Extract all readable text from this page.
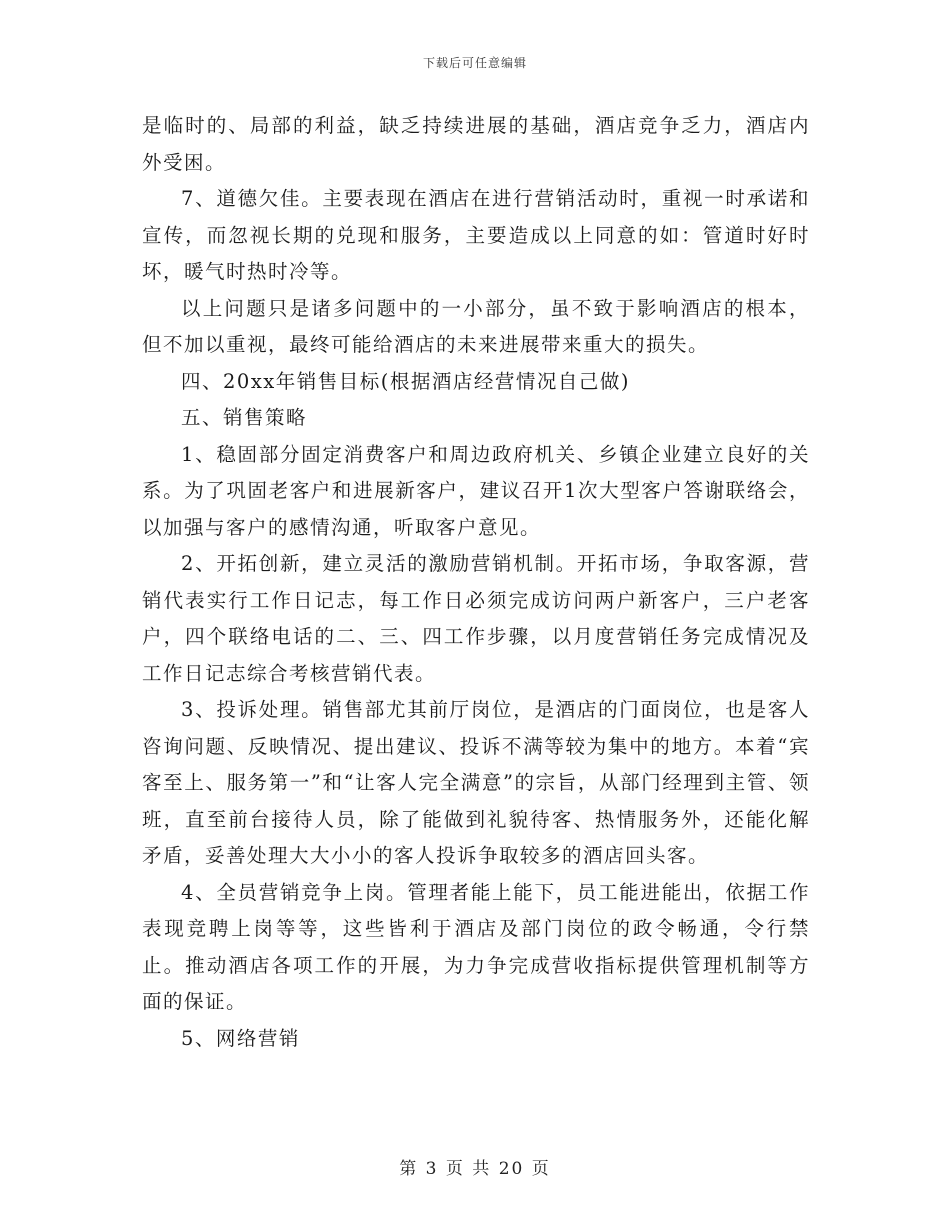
下载后可任意编辑

是临时的、局部的利益，缺乏持续进展的基础，酒店竞争乏力，酒店内外受困。

7、道德欠佳。主要表现在酒店在进行营销活动时，重视一时承诺和宣传，而忽视长期的兑现和服务，主要造成以上同意的如：管道时好时坏，暖气时热时冷等。

以上问题只是诸多问题中的一小部分，虽不致于影响酒店的根本，但不加以重视，最终可能给酒店的未来进展带来重大的损失。

四、20xx年销售目标(根据酒店经营情况自己做)

五、销售策略

1、稳固部分固定消费客户和周边政府机关、乡镇企业建立良好的关系。为了巩固老客户和进展新客户，建议召开1次大型客户答谢联络会，以加强与客户的感情沟通，听取客户意见。

2、开拓创新，建立灵活的激励营销机制。开拓市场，争取客源，营销代表实行工作日记志，每工作日必须完成访问两户新客户，三户老客户，四个联络电话的二、三、四工作步骤，以月度营销任务完成情况及工作日记志综合考核营销代表。

3、投诉处理。销售部尤其前厅岗位，是酒店的门面岗位，也是客人咨询问题、反映情况、提出建议、投诉不满等较为集中的地方。本着“宾客至上、服务第一”和“让客人完全满意”的宗旨，从部门经理到主管、领班，直至前台接待人员，除了能做到礼貌待客、热情服务外，还能化解矛盾，妥善处理大大小小的客人投诉争取较多的酒店回头客。

4、全员营销竞争上岗。管理者能上能下，员工能进能出，依据工作表现竞聘上岗等等，这些皆利于酒店及部门岗位的政令畅通，令行禁止。推动酒店各项工作的开展，为力争完成营收指标提供管理机制等方面的保证。

5、网络营销

第 3 页 共 20 页
